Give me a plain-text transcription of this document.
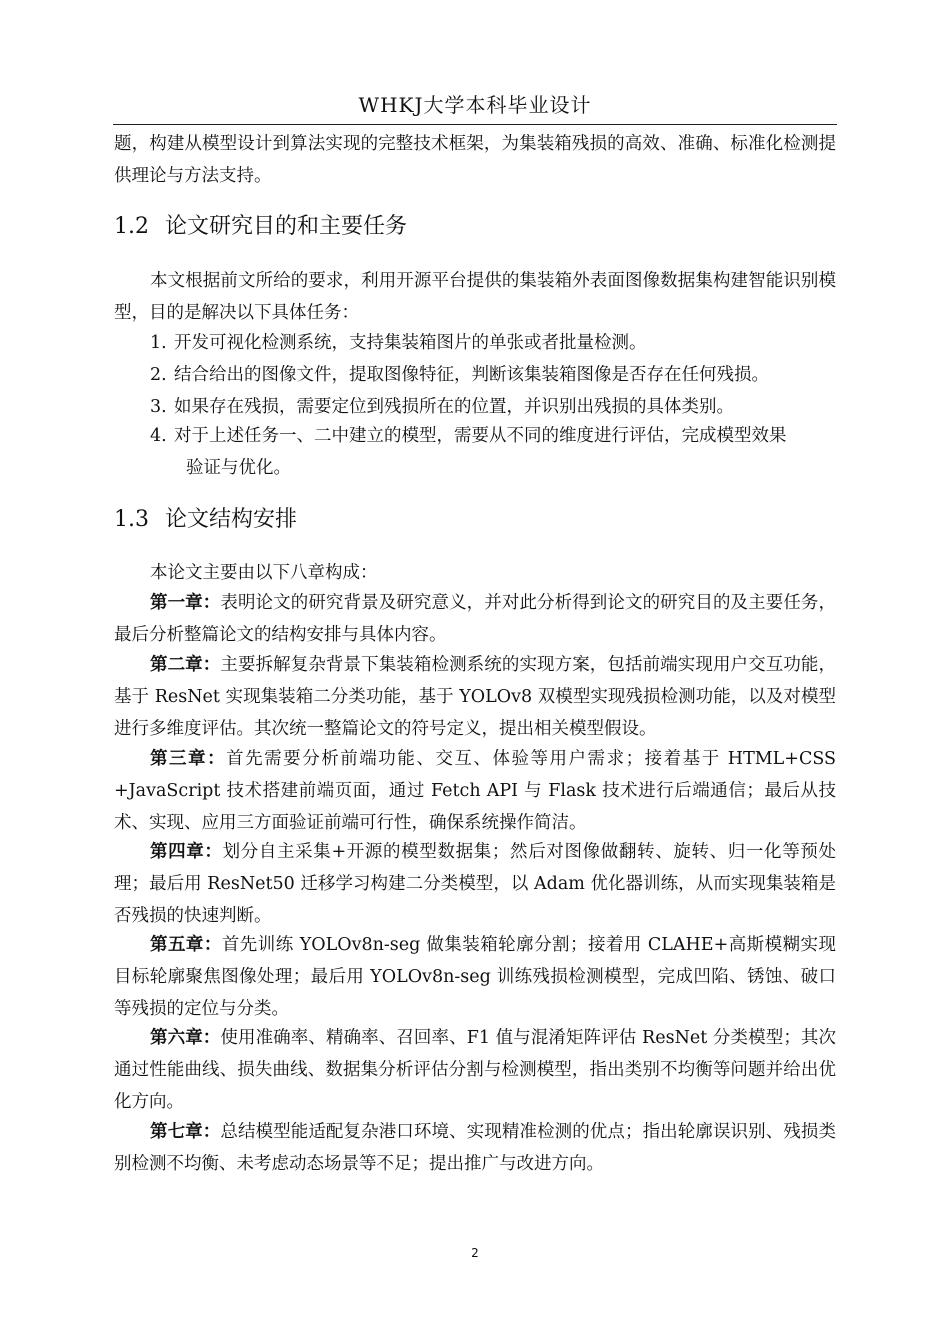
WHKJ大学本科毕业设计

题，构建从模型设计到算法实现的完整技术框架，为集装箱残损的高效、准确、标准化检测提供理论与方法支持。

1.2 论文研究目的和主要任务

本文根据前文所给的要求，利用开源平台提供的集装箱外表面图像数据集构建智能识别模型，目的是解决以下具体任务：

1. 开发可视化检测系统，支持集装箱图片的单张或者批量检测。

2. 结合给出的图像文件，提取图像特征，判断该集装箱图像是否存在任何残损。

3. 如果存在残损，需要定位到残损所在的位置，并识别出残损的具体类别。

4. 对于上述任务一、二中建立的模型，需要从不同的维度进行评估，完成模型效果
验证与优化。

1.3 论文结构安排

本论文主要由以下八章构成：

第一章：表明论文的研究背景及研究意义，并对此分析得到论文的研究目的及主要任务，最后分析整篇论文的结构安排与具体内容。

第二章：主要拆解复杂背景下集装箱检测系统的实现方案，包括前端实现用户交互功能，基于 ResNet 实现集装箱二分类功能，基于 YOLOv8 双模型实现残损检测功能，以及对模型进行多维度评估。其次统一整篇论文的符号定义，提出相关模型假设。

第三章：首先需要分析前端功能、交互、体验等用户需求；接着基于 HTML+CSS +JavaScript 技术搭建前端页面，通过 Fetch API 与 Flask 技术进行后端通信；最后从技术、实现、应用三方面验证前端可行性，确保系统操作简洁。

第四章：划分自主采集+开源的模型数据集；然后对图像做翻转、旋转、归一化等预处理；最后用 ResNet50 迁移学习构建二分类模型，以 Adam 优化器训练，从而实现集装箱是否残损的快速判断。

第五章：首先训练 YOLOv8n-seg 做集装箱轮廓分割；接着用 CLAHE+高斯模糊实现目标轮廓聚焦图像处理；最后用 YOLOv8n-seg 训练残损检测模型，完成凹陷、锈蚀、破口等残损的定位与分类。

第六章：使用准确率、精确率、召回率、F1 值与混淆矩阵评估 ResNet 分类模型；其次通过性能曲线、损失曲线、数据集分析评估分割与检测模型，指出类别不均衡等问题并给出优化方向。

第七章：总结模型能适配复杂港口环境、实现精准检测的优点；指出轮廓误识别、残损类别检测不均衡、未考虑动态场景等不足；提出推广与改进方向。

2
